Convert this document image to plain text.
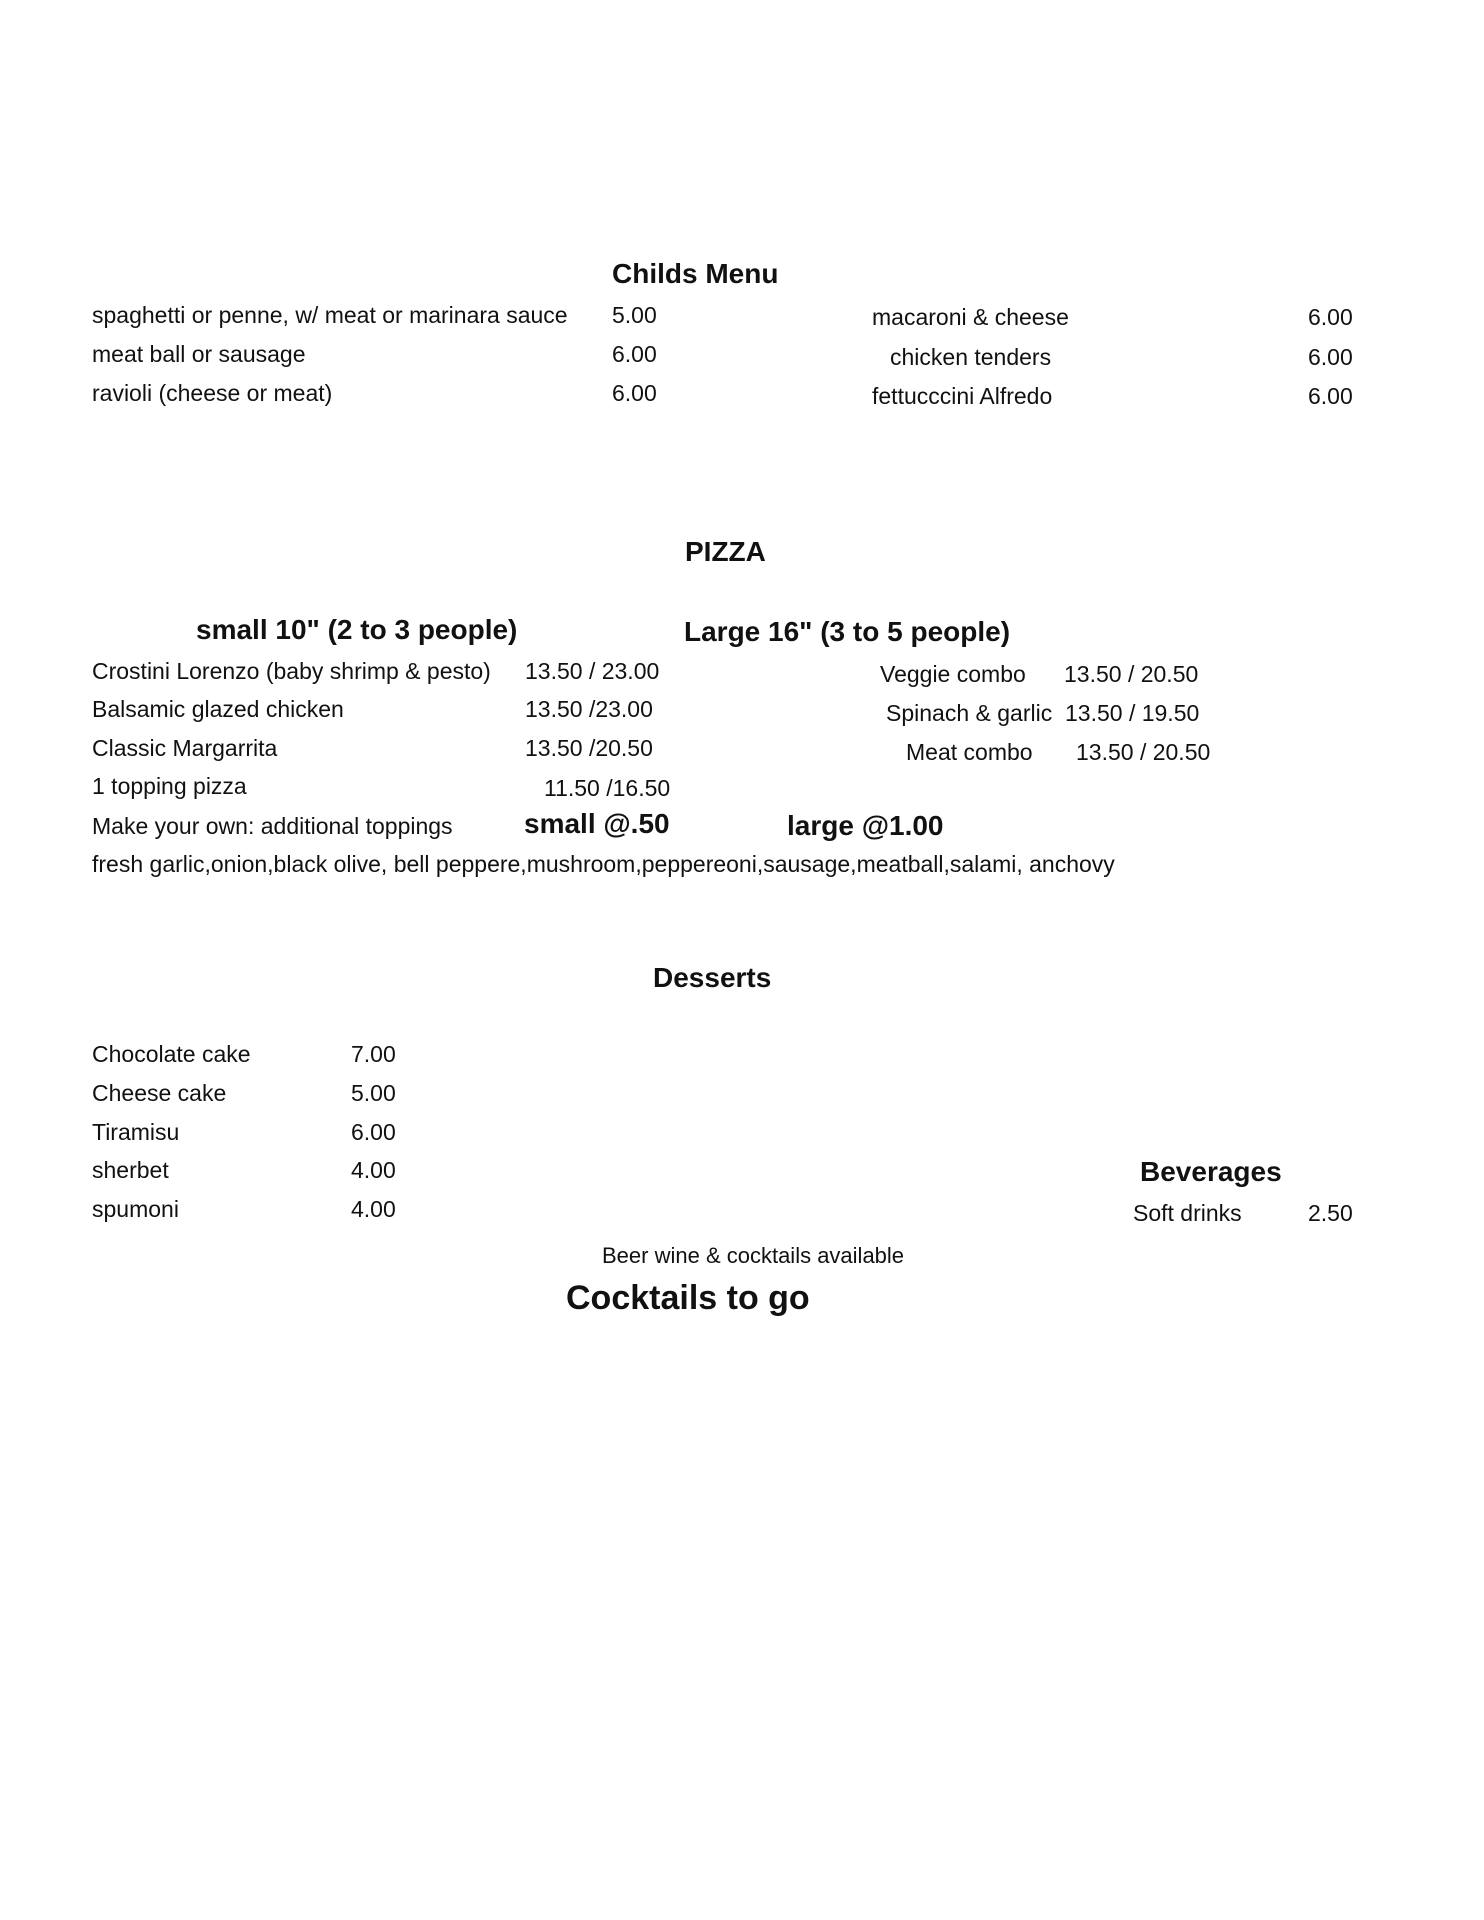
Childs Menu
spaghetti or penne, w/ meat or marinara sauce 5.00
meat ball or sausage	6.00
ravioli (cheese or meat)	6.00
macaroni & cheese	6.00
chicken tenders	6.00
fettucccini Alfredo	6.00
PIZZA
small 10" (2 to 3 people)	Large 16" (3 to 5 people)
Crostini Lorenzo (baby shrimp & pesto) 13.50 / 23.00
Balsamic glazed chicken	13.50 /23.00
Classic Margarrita	13.50 /20.50
1 topping pizza	11.50 /16.50
Veggie combo 13.50 / 20.50
Spinach & garlic 13.50 / 19.50
Meat combo 13.50 / 20.50
Make your own: additional toppings	small @.50	large @1.00
fresh garlic,onion,black olive, bell peppere,mushroom,peppereoni,sausage,meatball,salami, anchovy
Desserts
Chocolate cake	7.00
Cheese cake	5.00
Tiramisu	6.00
sherbet	4.00
spumoni	4.00
Beverages
Soft drinks	2.50
Beer wine & cocktails available
Cocktails to go
